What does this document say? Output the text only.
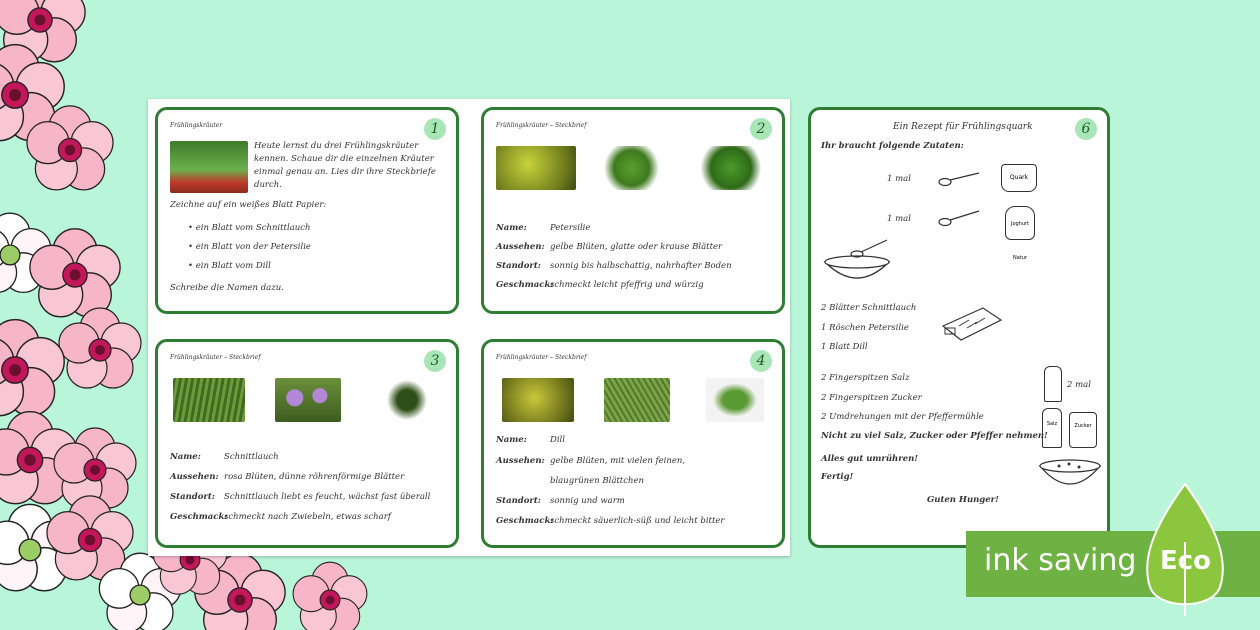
1
Frühlingskräuter
Heute lernst du drei Frühlingskräuter
kennen. Schaue dir die einzelnen Kräuter
einmal genau an. Lies dir ihre Steckbriefe
durch.
Zeichne auf ein weißes Blatt Papier:
• ein Blatt vom Schnittlauch
• ein Blatt von der Petersilie
• ein Blatt vom Dill
Schreibe die Namen dazu.
2
Frühlingskräuter – Steckbrief
Name:	Petersilie
Aussehen: gelbe Blüten, glatte oder krause Blätter
Standort: sonnig bis halbschattig, nahrhafter Boden
Geschmack:
schmeckt leicht pfeffrig und würzig
3
Frühlingskräuter – Steckbrief
Name:	Schnittlauch
Aussehen: rosa Blüten, dünne röhrenförmige Blätter
Standort: Schnittlauch liebt es feucht, wächst fast überall
Geschmack:
schmeckt nach Zwiebeln, etwas scharf
4
Frühlingskräuter – Steckbrief
Name:	Dill
Aussehen: gelbe Blüten, mit vielen feinen,
blaugrünen Blättchen
Standort: sonnig und warm
Geschmack:
schmeckt säuerlich-süß und leicht bitter
6
Ein Rezept für Frühlingsquark
Ihr braucht folgende Zutaten:
1 mal	Quark
1 mal	Joghurt Natur
2 Blätter Schnittlauch
1 Röschen Petersilie
1 Blatt Dill
2 Fingerspitzen Salz
2 Fingerspitzen Zucker
2 Umdrehungen mit der Pfeffermühle
2 mal
Salz	Zucker
Nicht zu viel Salz, Zucker oder Pfeffer nehmen!
Alles gut umrühren!
Fertig!
Guten Hunger!
ink saving Eco
